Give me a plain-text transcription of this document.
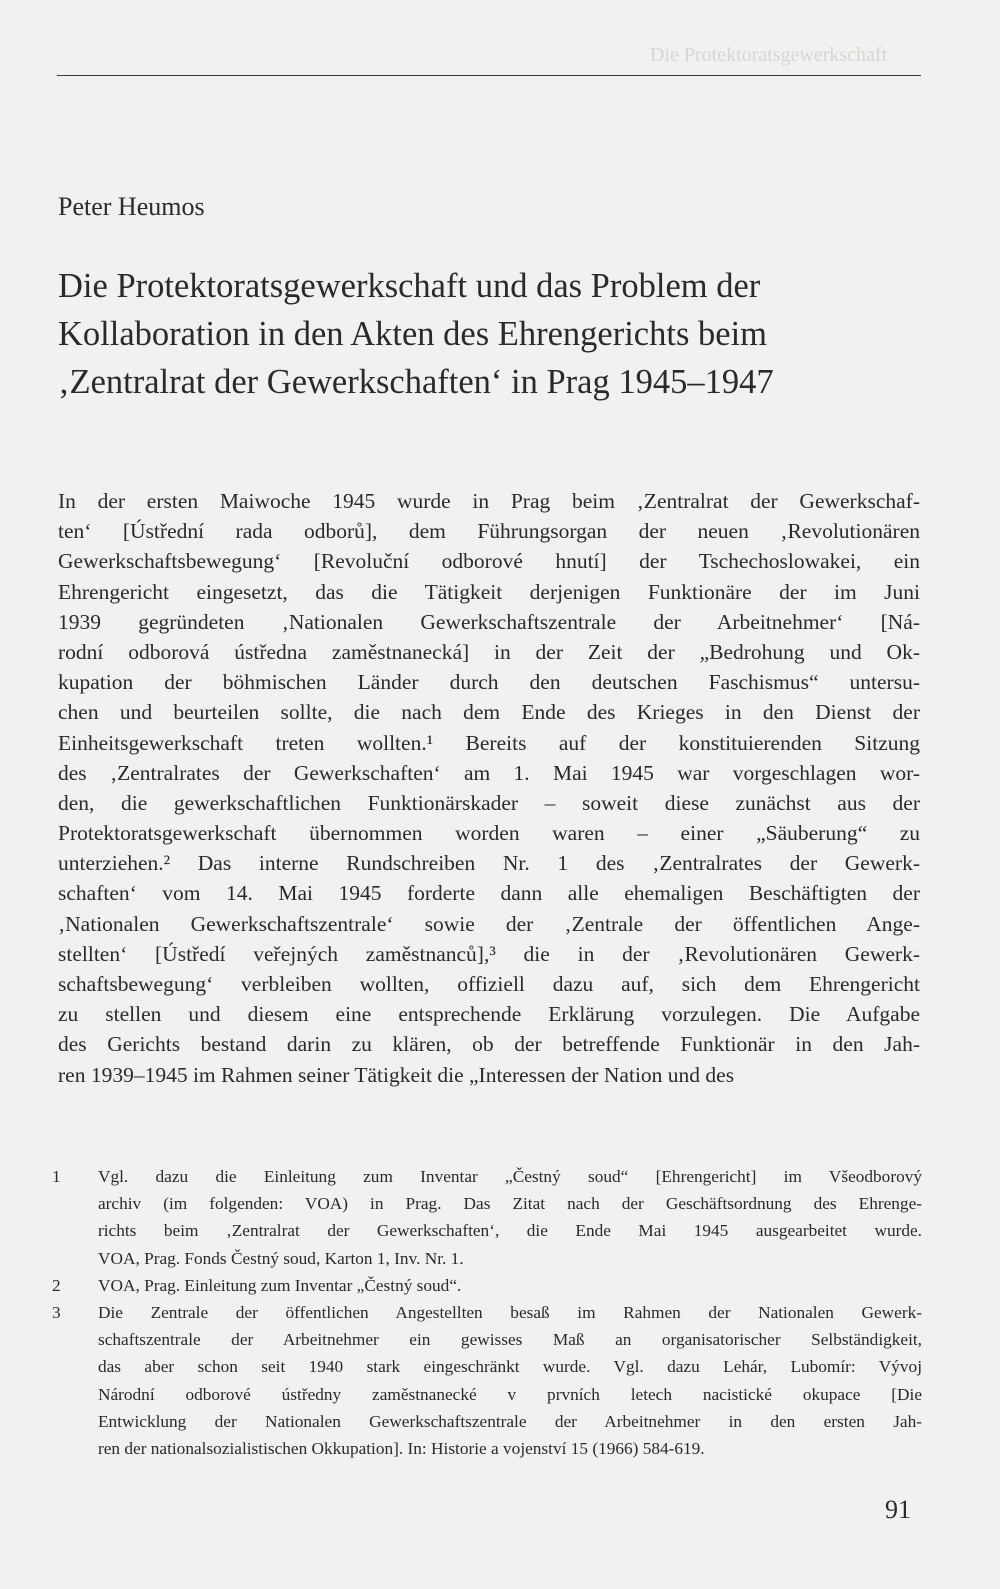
Die Protektoratsgewerkschaft
Peter Heumos
Die Protektoratsgewerkschaft und das Problem der
Kollaboration in den Akten des Ehrengerichts beim
‚Zentralrat der Gewerkschaften‘ in Prag 1945–1947
In der ersten Maiwoche 1945 wurde in Prag beim ‚Zentralrat der Gewerkschaf-
ten‘ [Ústřední rada odborů], dem Führungsorgan der neuen ‚Revolutionären
Gewerkschaftsbewegung‘ [Revoluční odborové hnutí] der Tschechoslowakei, ein
Ehrengericht eingesetzt, das die Tätigkeit derjenigen Funktionäre der im Juni
1939 gegründeten ‚Nationalen Gewerkschaftszentrale der Arbeitnehmer‘ [Ná-
rodní odborová ústředna zaměstnanecká] in der Zeit der „Bedrohung und Ok-
kupation der böhmischen Länder durch den deutschen Faschismus“ untersu-
chen und beurteilen sollte, die nach dem Ende des Krieges in den Dienst der
Einheitsgewerkschaft treten wollten.¹ Bereits auf der konstituierenden Sitzung
des ‚Zentralrates der Gewerkschaften‘ am 1. Mai 1945 war vorgeschlagen wor-
den, die gewerkschaftlichen Funktionärskader – soweit diese zunächst aus der
Protektoratsgewerkschaft übernommen worden waren – einer „Säuberung“ zu
unterziehen.² Das interne Rundschreiben Nr. 1 des ‚Zentralrates der Gewerk-
schaften‘ vom 14. Mai 1945 forderte dann alle ehemaligen Beschäftigten der
‚Nationalen Gewerkschaftszentrale‘ sowie der ‚Zentrale der öffentlichen Ange-
stellten‘ [Ústředí veřejných zaměstnanců],³ die in der ‚Revolutionären Gewerk-
schaftsbewegung‘ verbleiben wollten, offiziell dazu auf, sich dem Ehrengericht
zu stellen und diesem eine entsprechende Erklärung vorzulegen. Die Aufgabe
des Gerichts bestand darin zu klären, ob der betreffende Funktionär in den Jah-
ren 1939–1945 im Rahmen seiner Tätigkeit die „Interessen der Nation und des
1	Vgl. dazu die Einleitung zum Inventar „Čestný soud“ [Ehrengericht] im Všeodborový
archiv (im folgenden: VOA) in Prag. Das Zitat nach der Geschäftsordnung des Ehrenge-
richts beim ‚Zentralrat der Gewerkschaften‘, die Ende Mai 1945 ausgearbeitet wurde.
VOA, Prag. Fonds Čestný soud, Karton 1, Inv. Nr. 1.
2	VOA, Prag. Einleitung zum Inventar „Čestný soud“.
3	Die Zentrale der öffentlichen Angestellten besaß im Rahmen der Nationalen Gewerk-
schaftszentrale der Arbeitnehmer ein gewisses Maß an organisatorischer Selbständigkeit,
das aber schon seit 1940 stark eingeschränkt wurde. Vgl. dazu Lehár, Lubomír: Vývoj
Národní odborové ústředny zaměstnanecké v prvních letech nacistické okupace [Die
Entwicklung der Nationalen Gewerkschaftszentrale der Arbeitnehmer in den ersten Jah-
ren der nationalsozialistischen Okkupation]. In: Historie a vojenství 15 (1966) 584-619.
91
